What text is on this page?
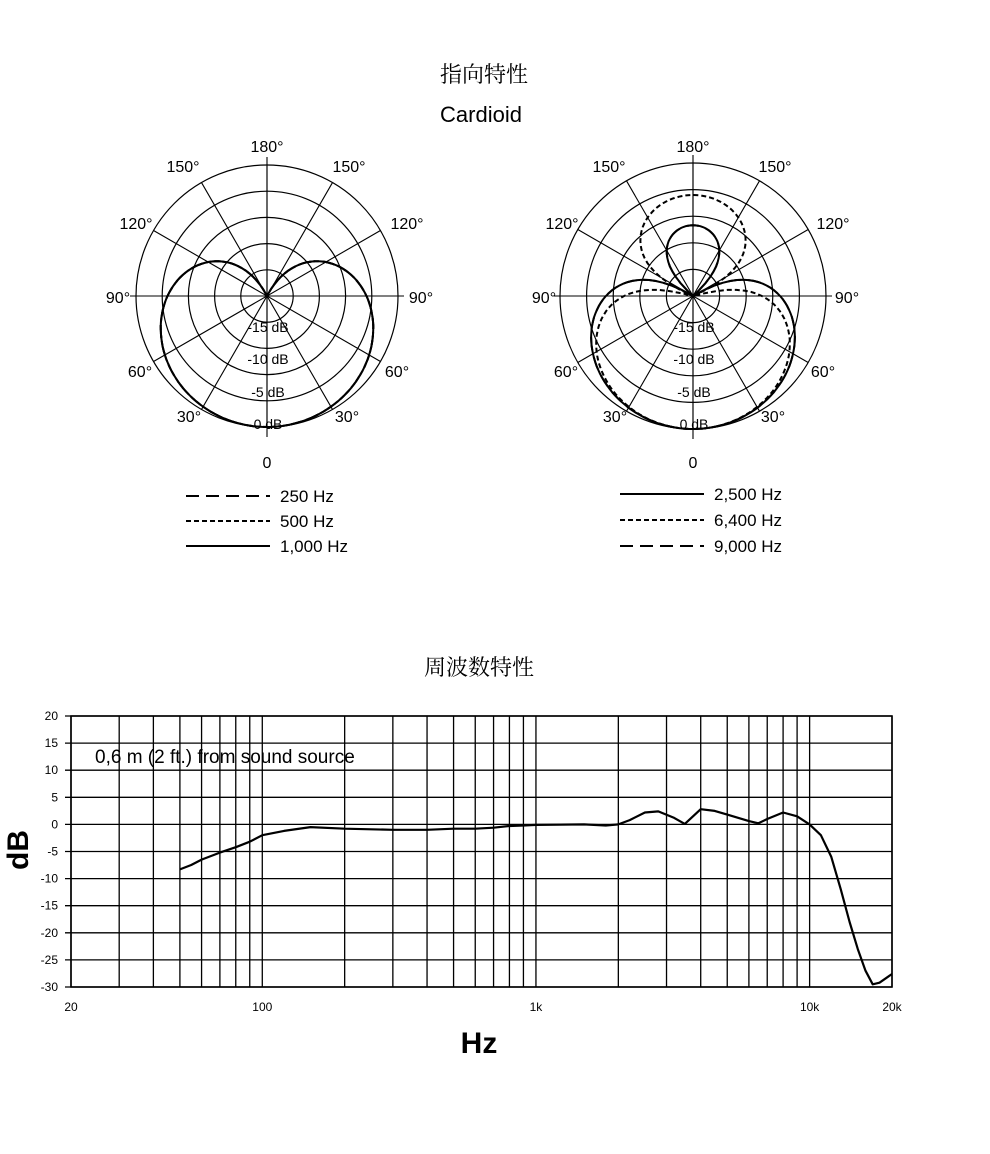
指向特性
Cardioid
周波数特性
180°
150°	150°
120°	120°
90°	90°
60°	60°
30°	30°
0
-15 dB
-10 dB
-5 dB
0 dB
250 Hz
500 Hz
1,000 Hz
180°
150°	150°
120°	120°
90°	90°
60°	60°
30°	30°
0
-15 dB
-10 dB
-5 dB
0 dB
2,500 Hz
6,400 Hz
9,000 Hz
20
15
10
5
0
-5
-10
-15
-20
-25
-30
20	100	1k	10k	20k
Hz
dB
0,6 m (2 ft.) from sound source
